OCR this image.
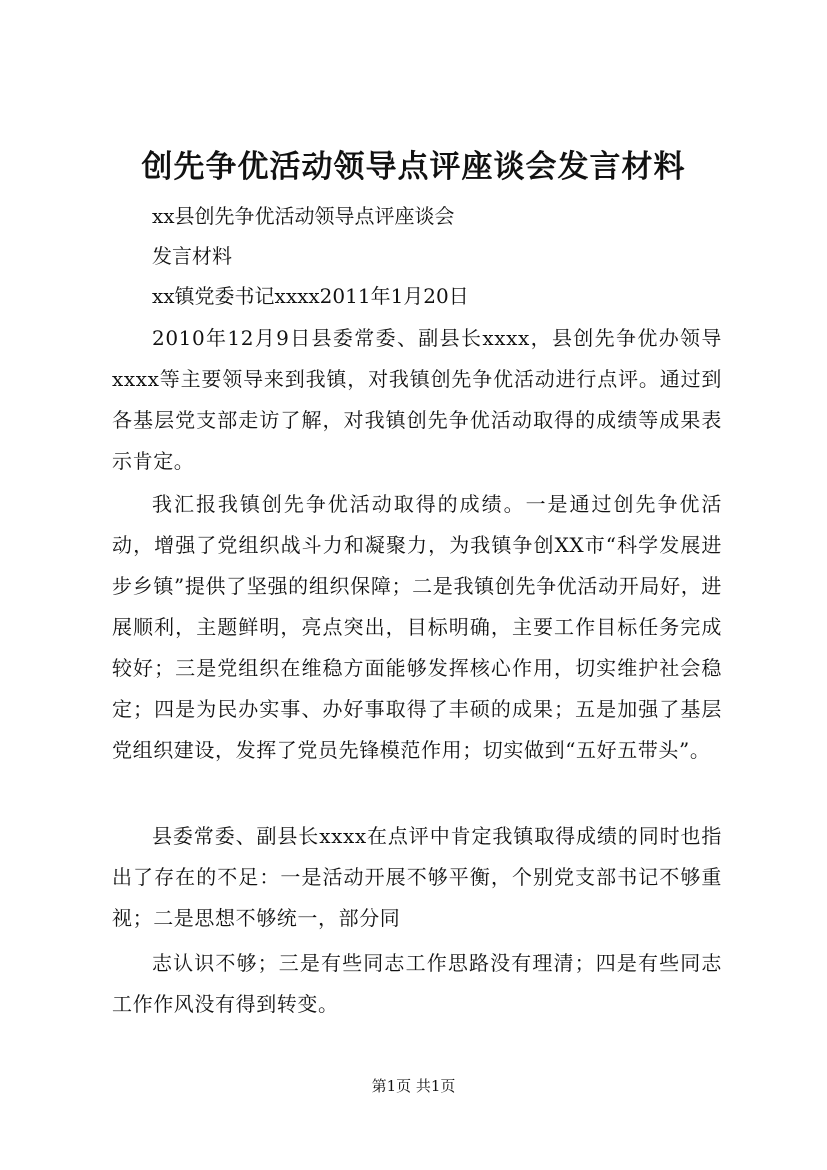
创先争优活动领导点评座谈会发言材料
xx县创先争优活动领导点评座谈会
发言材料
xx镇党委书记xxxx2011年1月20日

2010年12月9日县委常委、副县长xxxx，县创先争优办领导xxxx等主要领导来到我镇，对我镇创先争优活动进行点评。通过到各基层党支部走访了解，对我镇创先争优活动取得的成绩等成果表示肯定。

我汇报我镇创先争优活动取得的成绩。一是通过创先争优活动，增强了党组织战斗力和凝聚力，为我镇争创XX市“科学发展进步乡镇”提供了坚强的组织保障；二是我镇创先争优活动开局好，进展顺利，主题鲜明，亮点突出，目标明确，主要工作目标任务完成较好；三是党组织在维稳方面能够发挥核心作用，切实维护社会稳定；四是为民办实事、办好事取得了丰硕的成果；五是加强了基层党组织建设，发挥了党员先锋模范作用；切实做到“五好五带头”。

县委常委、副县长xxxx在点评中肯定我镇取得成绩的同时也指出了存在的不足：一是活动开展不够平衡，个别党支部书记不够重视；二是思想不够统一，部分同

志认识不够；三是有些同志工作思路没有理清；四是有些同志工作作风没有得到转变。

第1页 共1页
